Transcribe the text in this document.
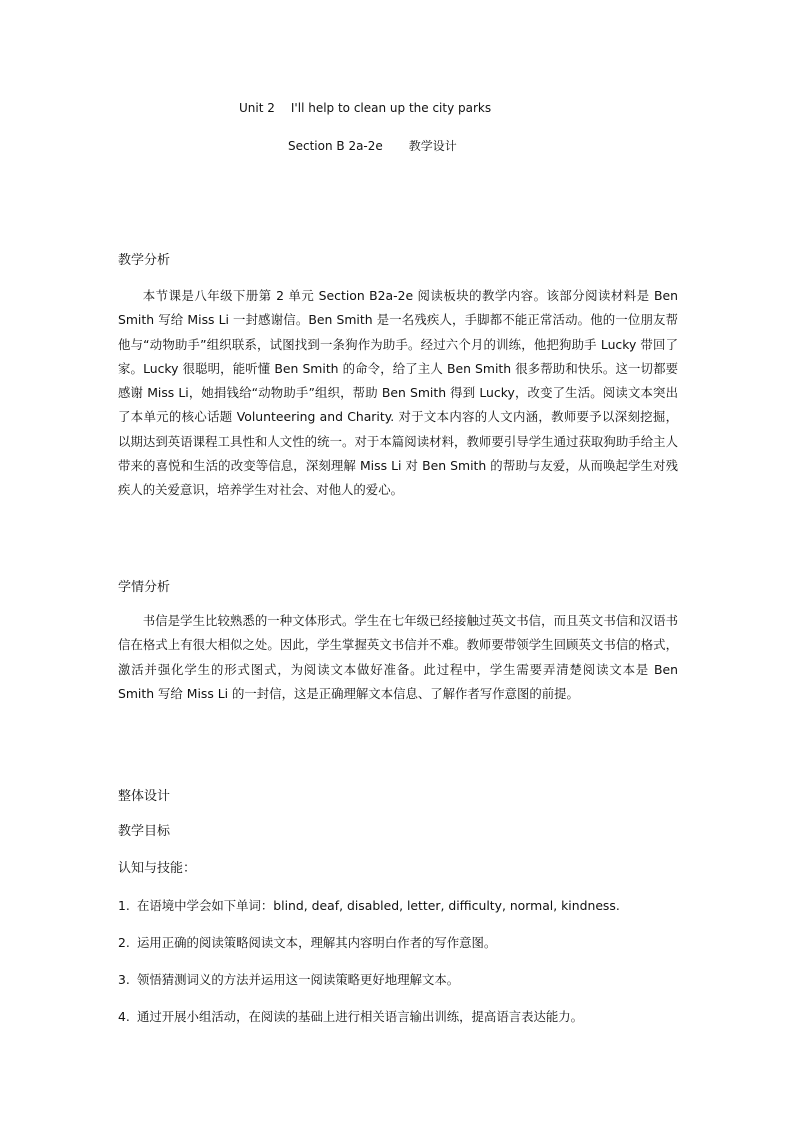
Unit 2 I'll help to clean up the city parks
Section B 2a-2e 教学设计
教学分析
本节课是八年级下册第 2 单元 Section B2a-2e 阅读板块的教学内容。该部分阅读材料是 Ben Smith 写给 Miss Li 一封感谢信。Ben Smith 是一名残疾人，手脚都不能正常活动。他的一位朋友帮他与“动物助手”组织联系，试图找到一条狗作为助手。经过六个月的训练，他把狗助手 Lucky 带回了家。Lucky 很聪明，能听懂 Ben Smith 的命令，给了主人 Ben Smith 很多帮助和快乐。这一切都要感谢 Miss Li，她捐钱给“动物助手”组织，帮助 Ben Smith 得到 Lucky，改变了生活。阅读文本突出了本单元的核心话题 Volunteering and Charity. 对于文本内容的人文内涵，教师要予以深刻挖掘，以期达到英语课程工具性和人文性的统一。对于本篇阅读材料，教师要引导学生通过获取狗助手给主人带来的喜悦和生活的改变等信息，深刻理解 Miss Li 对 Ben Smith 的帮助与友爱，从而唤起学生对残疾人的关爱意识，培养学生对社会、对他人的爱心。
学情分析
书信是学生比较熟悉的一种文体形式。学生在七年级已经接触过英文书信，而且英文书信和汉语书信在格式上有很大相似之处。因此，学生掌握英文书信并不难。教师要带领学生回顾英文书信的格式，激活并强化学生的形式图式，为阅读文本做好准备。此过程中，学生需要弄清楚阅读文本是 Ben Smith 写给 Miss Li 的一封信，这是正确理解文本信息、了解作者写作意图的前提。
整体设计
教学目标
认知与技能：
1. 在语境中学会如下单词：blind, deaf, disabled, letter, difficulty, normal, kindness.
2. 运用正确的阅读策略阅读文本，理解其内容明白作者的写作意图。
3. 领悟猜测词义的方法并运用这一阅读策略更好地理解文本。
4. 通过开展小组活动，在阅读的基础上进行相关语言输出训练，提高语言表达能力。
